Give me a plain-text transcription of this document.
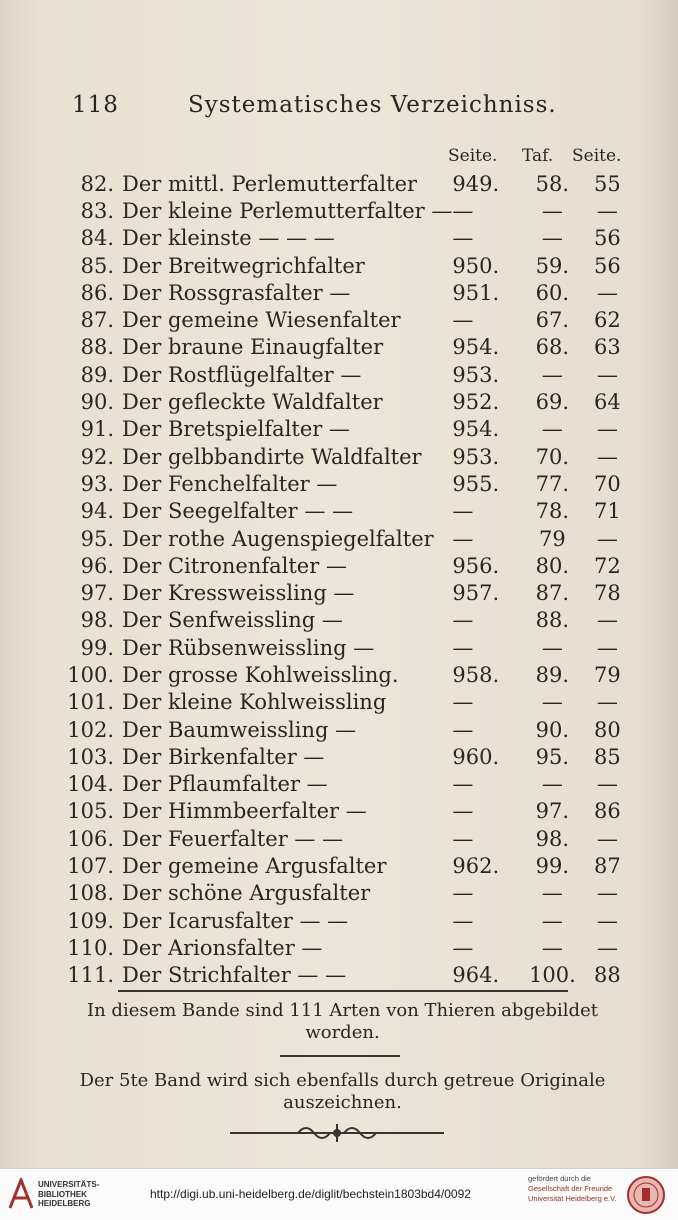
118	Systematisches Verzeichniss.
Seite. Taf. Seite.
82.	Der mittl. Perlemutterfalter	949.	58.	55
83.	Der kleine Perlemutterfalter —	—	—	—
84.	Der kleinste — — —	—	—	56
85.	Der Breitwegrichfalter	950.	59.	56
86.	Der Rossgrasfalter —	951.	60.	—
87.	Der gemeine Wiesenfalter	—	67.	62
88.	Der braune Einaugfalter	954.	68.	63
89.	Der Rostflügelfalter —	953.	—	—
90.	Der gefleckte Waldfalter	952.	69.	64
91.	Der Bretspielfalter —	954.	—	—
92.	Der gelbbandirte Waldfalter	953.	70.	—
93.	Der Fenchelfalter —	955.	77.	70
94.	Der Seegelfalter — —	—	78.	71
95.	Der rothe Augenspiegelfalter	—	79	—
96.	Der Citronenfalter —	956.	80.	72
97.	Der Kressweissling —	957.	87.	78
98.	Der Senfweissling —	—	88.	—
99.	Der Rübsenweissling —	—	—	—
100.	Der grosse Kohlweissling.	958.	89.	79
101.	Der kleine Kohlweissling	—	—	—
102.	Der Baumweissling —	—	90.	80
103.	Der Birkenfalter —	960.	95.	85
104.	Der Pflaumfalter —	—	—	—
105.	Der Himmbeerfalter —	—	97.	86
106.	Der Feuerfalter — —	—	98.	—
107.	Der gemeine Argusfalter	962.	99.	87
108.	Der schöne Argusfalter	—	—	—
109.	Der Icarusfalter — —	—	—	—
110.	Der Arionsfalter —	—	—	—
111.	Der Strichfalter — —	964.	100.	88
In diesem Bande sind 111 Arten von Thieren abgebildet worden.
Der 5te Band wird sich ebenfalls durch getreue Originale auszeichnen.
UNIVERSITÄTS-
BIBLIOTHEK
HEIDELBERG
http://digi.ub.uni-heidelberg.de/diglit/bechstein1803bd4/0092
gefördert durch die
Gesellschaft der Freunde
Universität Heidelberg e.V.
